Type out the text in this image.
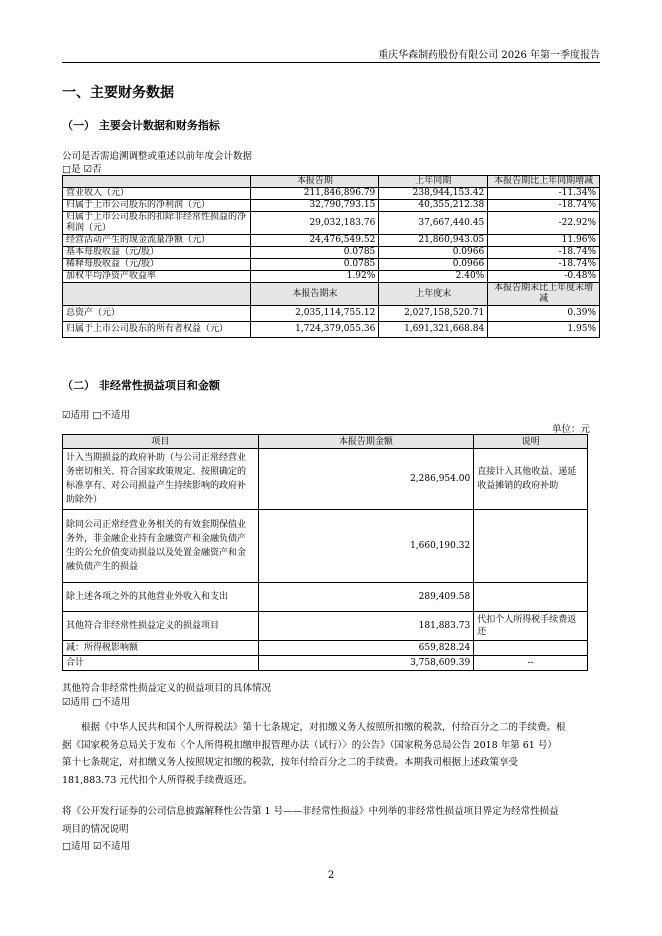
重庆华森制药股份有限公司 2026 年第一季度报告
一、主要财务数据
（一） 主要会计数据和财务指标
公司是否需追溯调整或重述以前年度会计数据
□是 ☑否
	本报告期	上年同期	本报告期比上年同期增减
营业收入（元）	211,846,896.79	238,944,153.42	-11.34%
归属于上市公司股东的净利润（元）	32,790,793.15	40,355,212.38	-18.74%
归属于上市公司股东的扣除非经常性损益的净利润（元）	29,032,183.76	37,667,440.45	-22.92%
经营活动产生的现金流量净额（元）	24,476,549.52	21,860,943.05	11.96%
基本每股收益（元/股）	0.0785	0.0966	-18.74%
稀释每股收益（元/股）	0.0785	0.0966	-18.74%
加权平均净资产收益率	1.92%	2.40%	-0.48%
	本报告期末	上年度末	本报告期末比上年度末增减
总资产（元）	2,035,114,755.12	2,027,158,520.71	0.39%
归属于上市公司股东的所有者权益（元）	1,724,379,055.36	1,691,321,668.84	1.95%
（二） 非经常性损益项目和金额
☑适用 □不适用
单位：元
项目	本报告期金额	说明
计入当期损益的政府补助（与公司正常经营业务密切相关、符合国家政策规定、按照确定的标准享有、对公司损益产生持续影响的政府补助除外）	2,286,954.00	直接计入其他收益、递延收益摊销的政府补助
除同公司正常经营业务相关的有效套期保值业务外，非金融企业持有金融资产和金融负债产生的公允价值变动损益以及处置金融资产和金融负债产生的损益	1,660,190.32	
除上述各项之外的其他营业外收入和支出	289,409.58	
其他符合非经常性损益定义的损益项目	181,883.73	代扣个人所得税手续费返还
减：所得税影响额	659,828.24	
合计	3,758,609.39	--
其他符合非经常性损益定义的损益项目的具体情况
☑适用 □不适用
根据《中华人民共和国个人所得税法》第十七条规定，对扣缴义务人按照所扣缴的税款，付给百分之二的手续费。根
据《国家税务总局关于发布〈个人所得税扣缴申报管理办法（试行）〉的公告》（国家税务总局公告 2018 年第 61 号）
第十七条规定，对扣缴义务人按照规定扣缴的税款，按年付给百分之二的手续费。本期我司根据上述政策享受
181,883.73 元代扣个人所得税手续费返还。
将《公开发行证券的公司信息披露解释性公告第 1 号——非经常性损益》中列举的非经常性损益项目界定为经常性损益
项目的情况说明
□适用 ☑不适用
2
